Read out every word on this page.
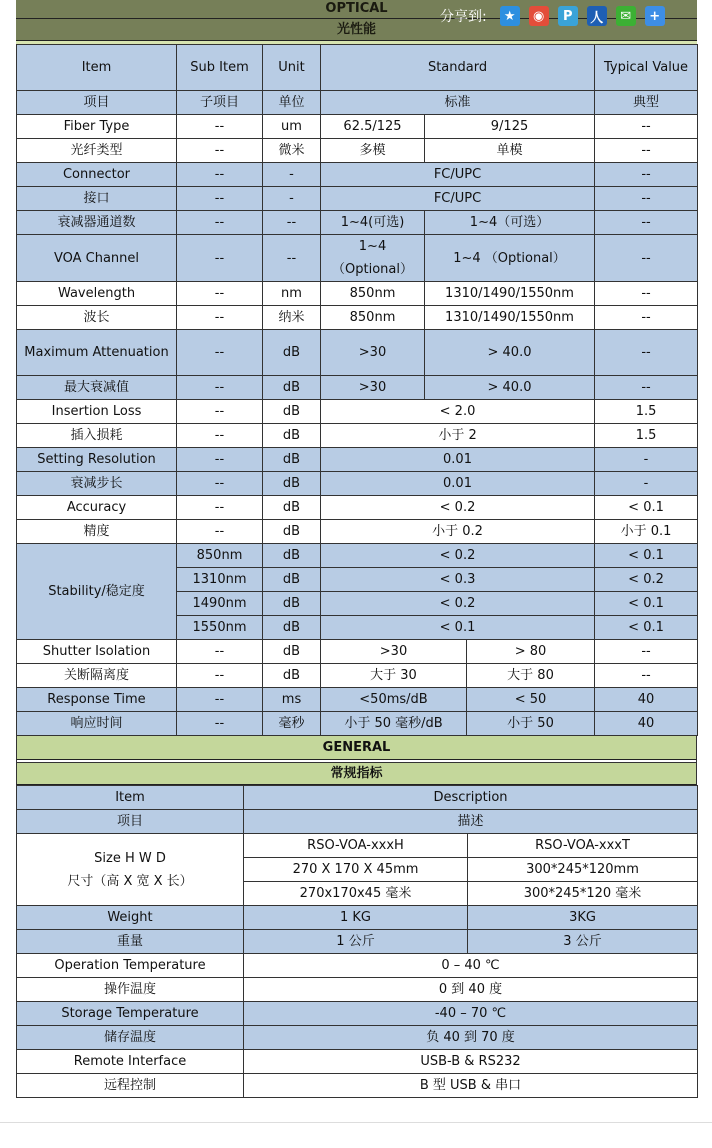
OPTICAL
光性能
Item	Sub Item	Unit	Standard			Typical Value
项目	子项目	单位	标准			典型
Fiber Type	--	um	62.5/125	9/125		--
光纤类型	--	微米	多模	单模		--
Connector	--	-	FC/UPC			--
接口	--	-	FC/UPC			--
衰减器通道数	--	--	1~4(可选)	1~4（可选）		--
VOA Channel	--	--	1~4 （Optional）	1~4 （Optional）		--
Wavelength	--	nm	850nm	1310/1490/1550nm		--
波长	--	纳米	850nm	1310/1490/1550nm		--
Maximum Attenuation	--	dB	>30	> 40.0		--
最大衰减值	--	dB	>30	> 40.0		--
Insertion Loss	--	dB	< 2.0			1.5
插入损耗	--	dB	小于 2			1.5
Setting Resolution	--	dB	0.01			-
衰减步长	--	dB	0.01			-
Accuracy	--	dB	< 0.2			< 0.1
精度	--	dB	小于 0.2			小于 0.1
Stability/稳定度	850nm	dB	< 0.2			< 0.1
	1310nm	dB	< 0.3			< 0.2
	1490nm	dB	< 0.2			< 0.1
	1550nm	dB	< 0.1			< 0.1
Shutter Isolation	--	dB	>30		> 80	--
关断隔离度	--	dB	大于 30		大于 80	--
Response Time	--	ms	<50ms/dB		< 50	40
响应时间	--	毫秒	小于 50 毫秒/dB		小于 50	40
GENERAL
常规指标
Item	Description	
项目	描述	
Size H W D
尺寸（高 X 宽 X 长）	RSO-VOA-xxxH	RSO-VOA-xxxT
	270 X 170 X 45mm	300*245*120mm
	270x170x45 毫米	300*245*120 毫米
Weight	1 KG	3KG
重量	1 公斤	3 公斤
Operation Temperature	0 – 40 ℃	
操作温度	0 到 40 度	
Storage Temperature	-40 – 70 ℃	
储存温度	负 40 到 70 度	
Remote Interface	USB-B & RS232	
远程控制	B 型 USB & 串口	
分享到:	★	◉	P	人	✉	+
